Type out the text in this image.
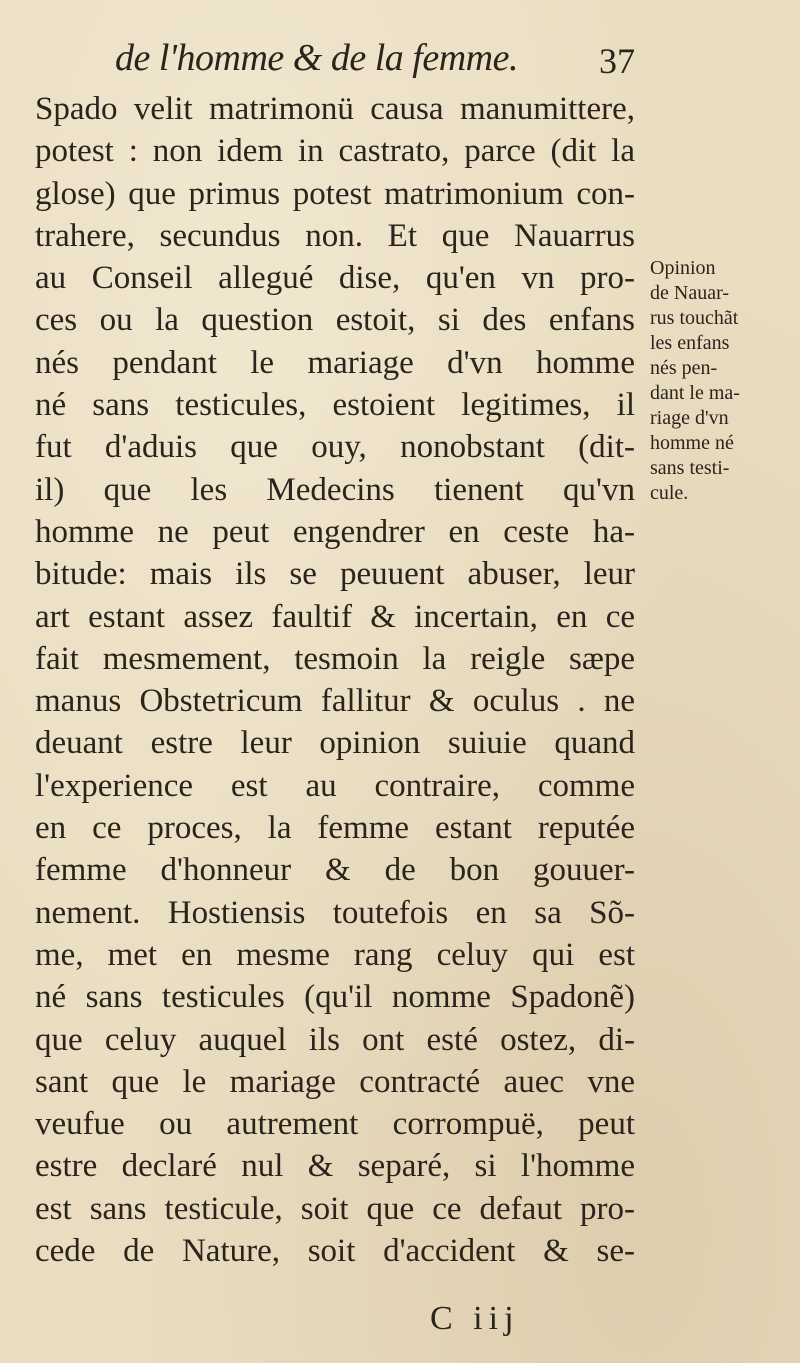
de l'homme & de la femme. 37
Spado velit matrimonü causa manumittere,
potest : non idem in castrato, parce (dit la
glose) que primus potest matrimonium con-
trahere, secundus non. Et que Nauarrus
au Conseil allegué dise, qu'en vn pro-
ces ou la question estoit, si des enfans
nés pendant le mariage d'vn homme
né sans testicules, estoient legitimes, il
fut d'aduis que ouy, nonobstant (dit-
il) que les Medecins tienent qu'vn
homme ne peut engendrer en ceste ha-
bitude: mais ils se peuuent abuser, leur
art estant assez faultif & incertain, en ce
fait mesmement, tesmoin la reigle sæpe
manus Obstetricum fallitur & oculus . ne
deuant estre leur opinion suiuie quand
l'experience est au contraire, comme
en ce proces, la femme estant reputée
femme d'honneur & de bon gouuer-
nement. Hostiensis toutefois en sa Sõ-
me, met en mesme rang celuy qui est
né sans testicules (qu'il nomme Spadonẽ)
que celuy auquel ils ont esté ostez, di-
sant que le mariage contracté auec vne
veufue ou autrement corrompuë, peut
estre declaré nul & separé, si l'homme
est sans testicule, soit que ce defaut pro-
cede de Nature, soit d'accident & se-
Opinion
de Nauar-
rus touchãt
les enfans
nés pen-
dant le ma-
riage d'vn
homme né
sans testi-
cule.
C iij
